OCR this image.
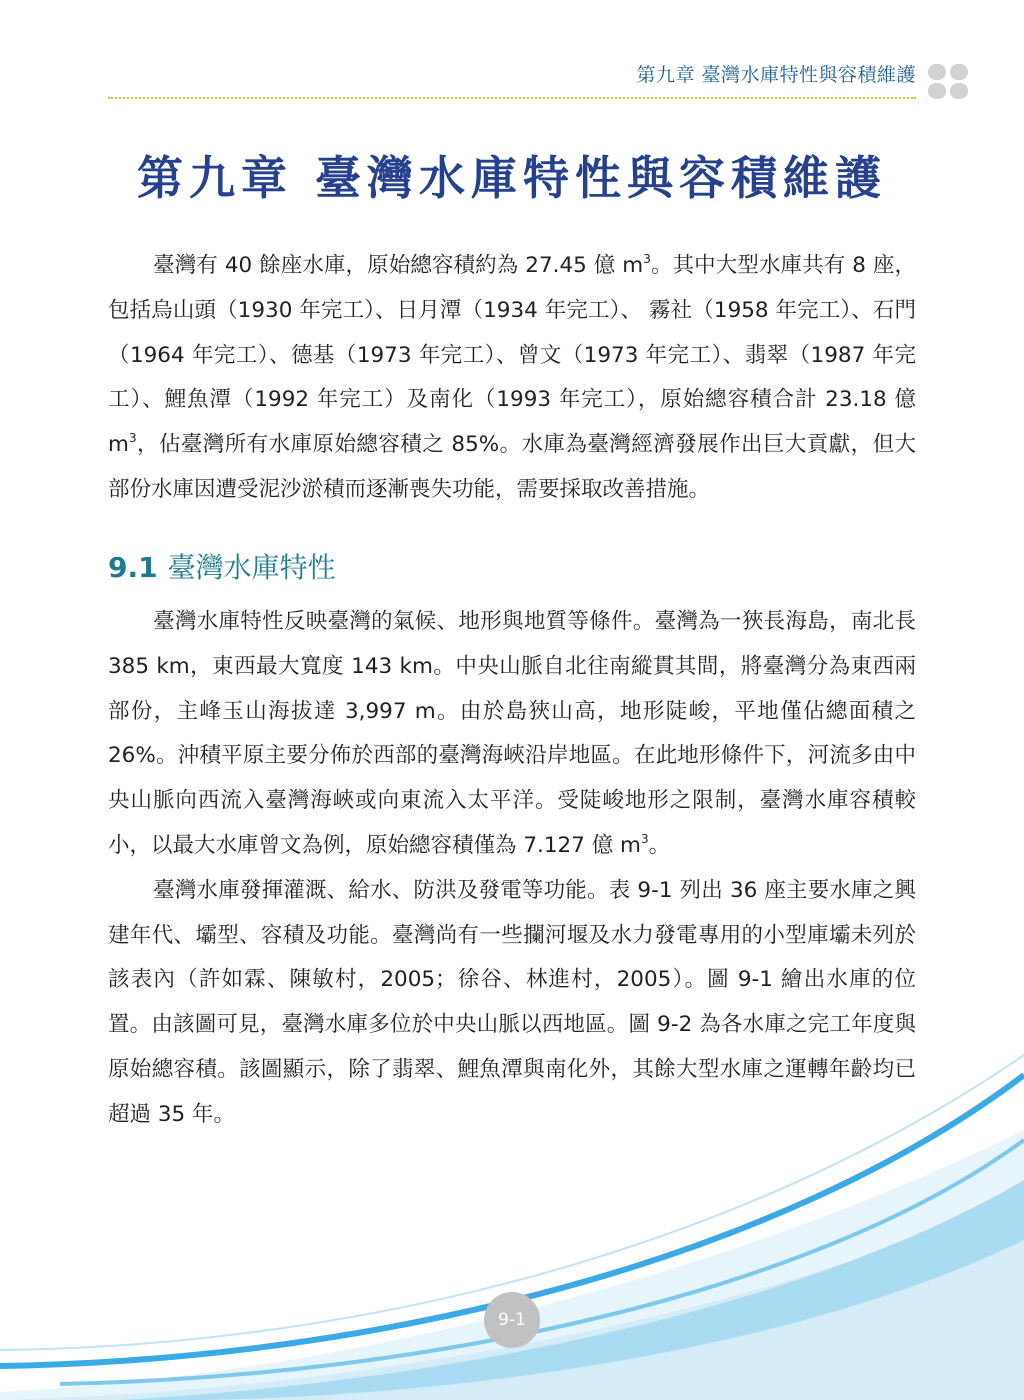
第九章 臺灣水庫特性與容積維護
第九章 臺灣水庫特性與容積維護

臺灣有 40 餘座水庫，原始總容積約為 27.45 億 $m^3$。其中大型水庫共有 8 座，包括烏山頭（1930 年完工）、日月潭（1934 年完工）、 霧社（1958 年完工）、石門（1964 年完工）、德基（1973 年完工）、曾文（1973 年完工）、翡翠（1987 年完工）、鯉魚潭（1992 年完工）及南化（1993 年完工），原始總容積合計 23.18 億 $m^3$，佔臺灣所有水庫原始總容積之 85%。水庫為臺灣經濟發展作出巨大貢獻，但大部份水庫因遭受泥沙淤積而逐漸喪失功能，需要採取改善措施。

9.1 臺灣水庫特性

臺灣水庫特性反映臺灣的氣候、地形與地質等條件。臺灣為一狹長海島，南北長 385 km，東西最大寬度 143 km。中央山脈自北往南縱貫其間，將臺灣分為東西兩部份，主峰玉山海拔達 3,997 m。由於島狹山高，地形陡峻，平地僅佔總面積之 26%。沖積平原主要分佈於西部的臺灣海峽沿岸地區。在此地形條件下，河流多由中央山脈向西流入臺灣海峽或向東流入太平洋。受陡峻地形之限制，臺灣水庫容積較小，以最大水庫曾文為例，原始總容積僅為 7.127 億 $m^3$。

臺灣水庫發揮灌溉、給水、防洪及發電等功能。表 9-1 列出 36 座主要水庫之興建年代、壩型、容積及功能。臺灣尚有一些攔河堰及水力發電專用的小型庫壩未列於該表內（許如霖、陳敏村，2005；徐谷、林進村，2005）。圖 9-1 繪出水庫的位置。由該圖可見，臺灣水庫多位於中央山脈以西地區。圖 9-2 為各水庫之完工年度與原始總容積。該圖顯示，除了翡翠、鯉魚潭與南化外，其餘大型水庫之運轉年齡均已超過 35 年。

9-1
